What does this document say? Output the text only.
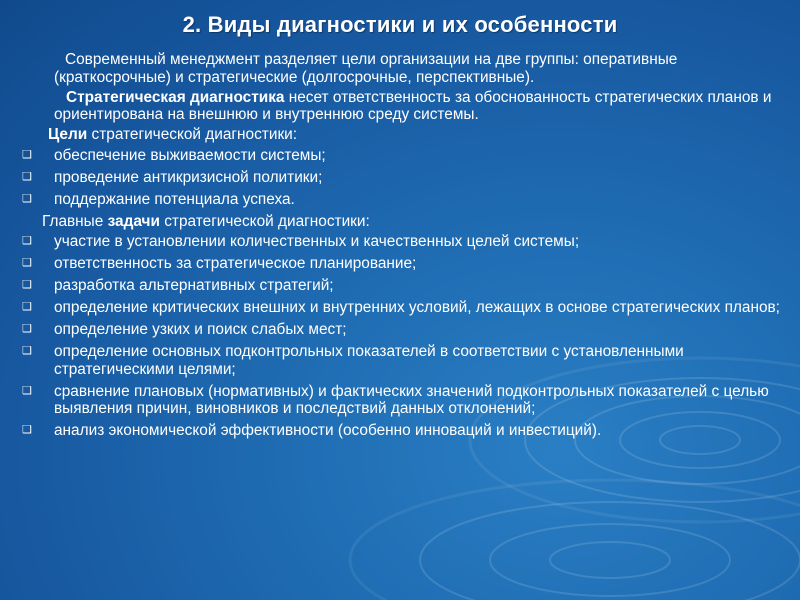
2. Виды диагностики и их особенности

Современный менеджмент разделяет цели организации на две группы: оперативные (краткосрочные) и стратегические (долгосрочные, перспективные).

Стратегическая диагностика несет ответственность за обоснованность стратегических планов и ориентирована на внешнюю и внутреннюю среду системы.

Цели стратегической диагностики:
❑ обеспечение выживаемости системы;
❑ проведение антикризисной политики;
❑ поддержание потенциала успеха.
Главные задачи стратегической диагностики:
❑ участие в установлении количественных и качественных целей системы;
❑ ответственность за стратегическое планирование;
❑ разработка альтернативных стратегий;
❑ определение критических внешних и внутренних условий, лежащих в основе стратегических планов;
❑ определение узких и поиск слабых мест;
❑ определение основных подконтрольных показателей в соответствии с установленными стратегическими целями;
❑ сравнение плановых (нормативных) и фактических значений подконтрольных показателей с целью выявления причин, виновников и последствий данных отклонений;
❑ анализ экономической эффективности (особенно инноваций и инвестиций).
